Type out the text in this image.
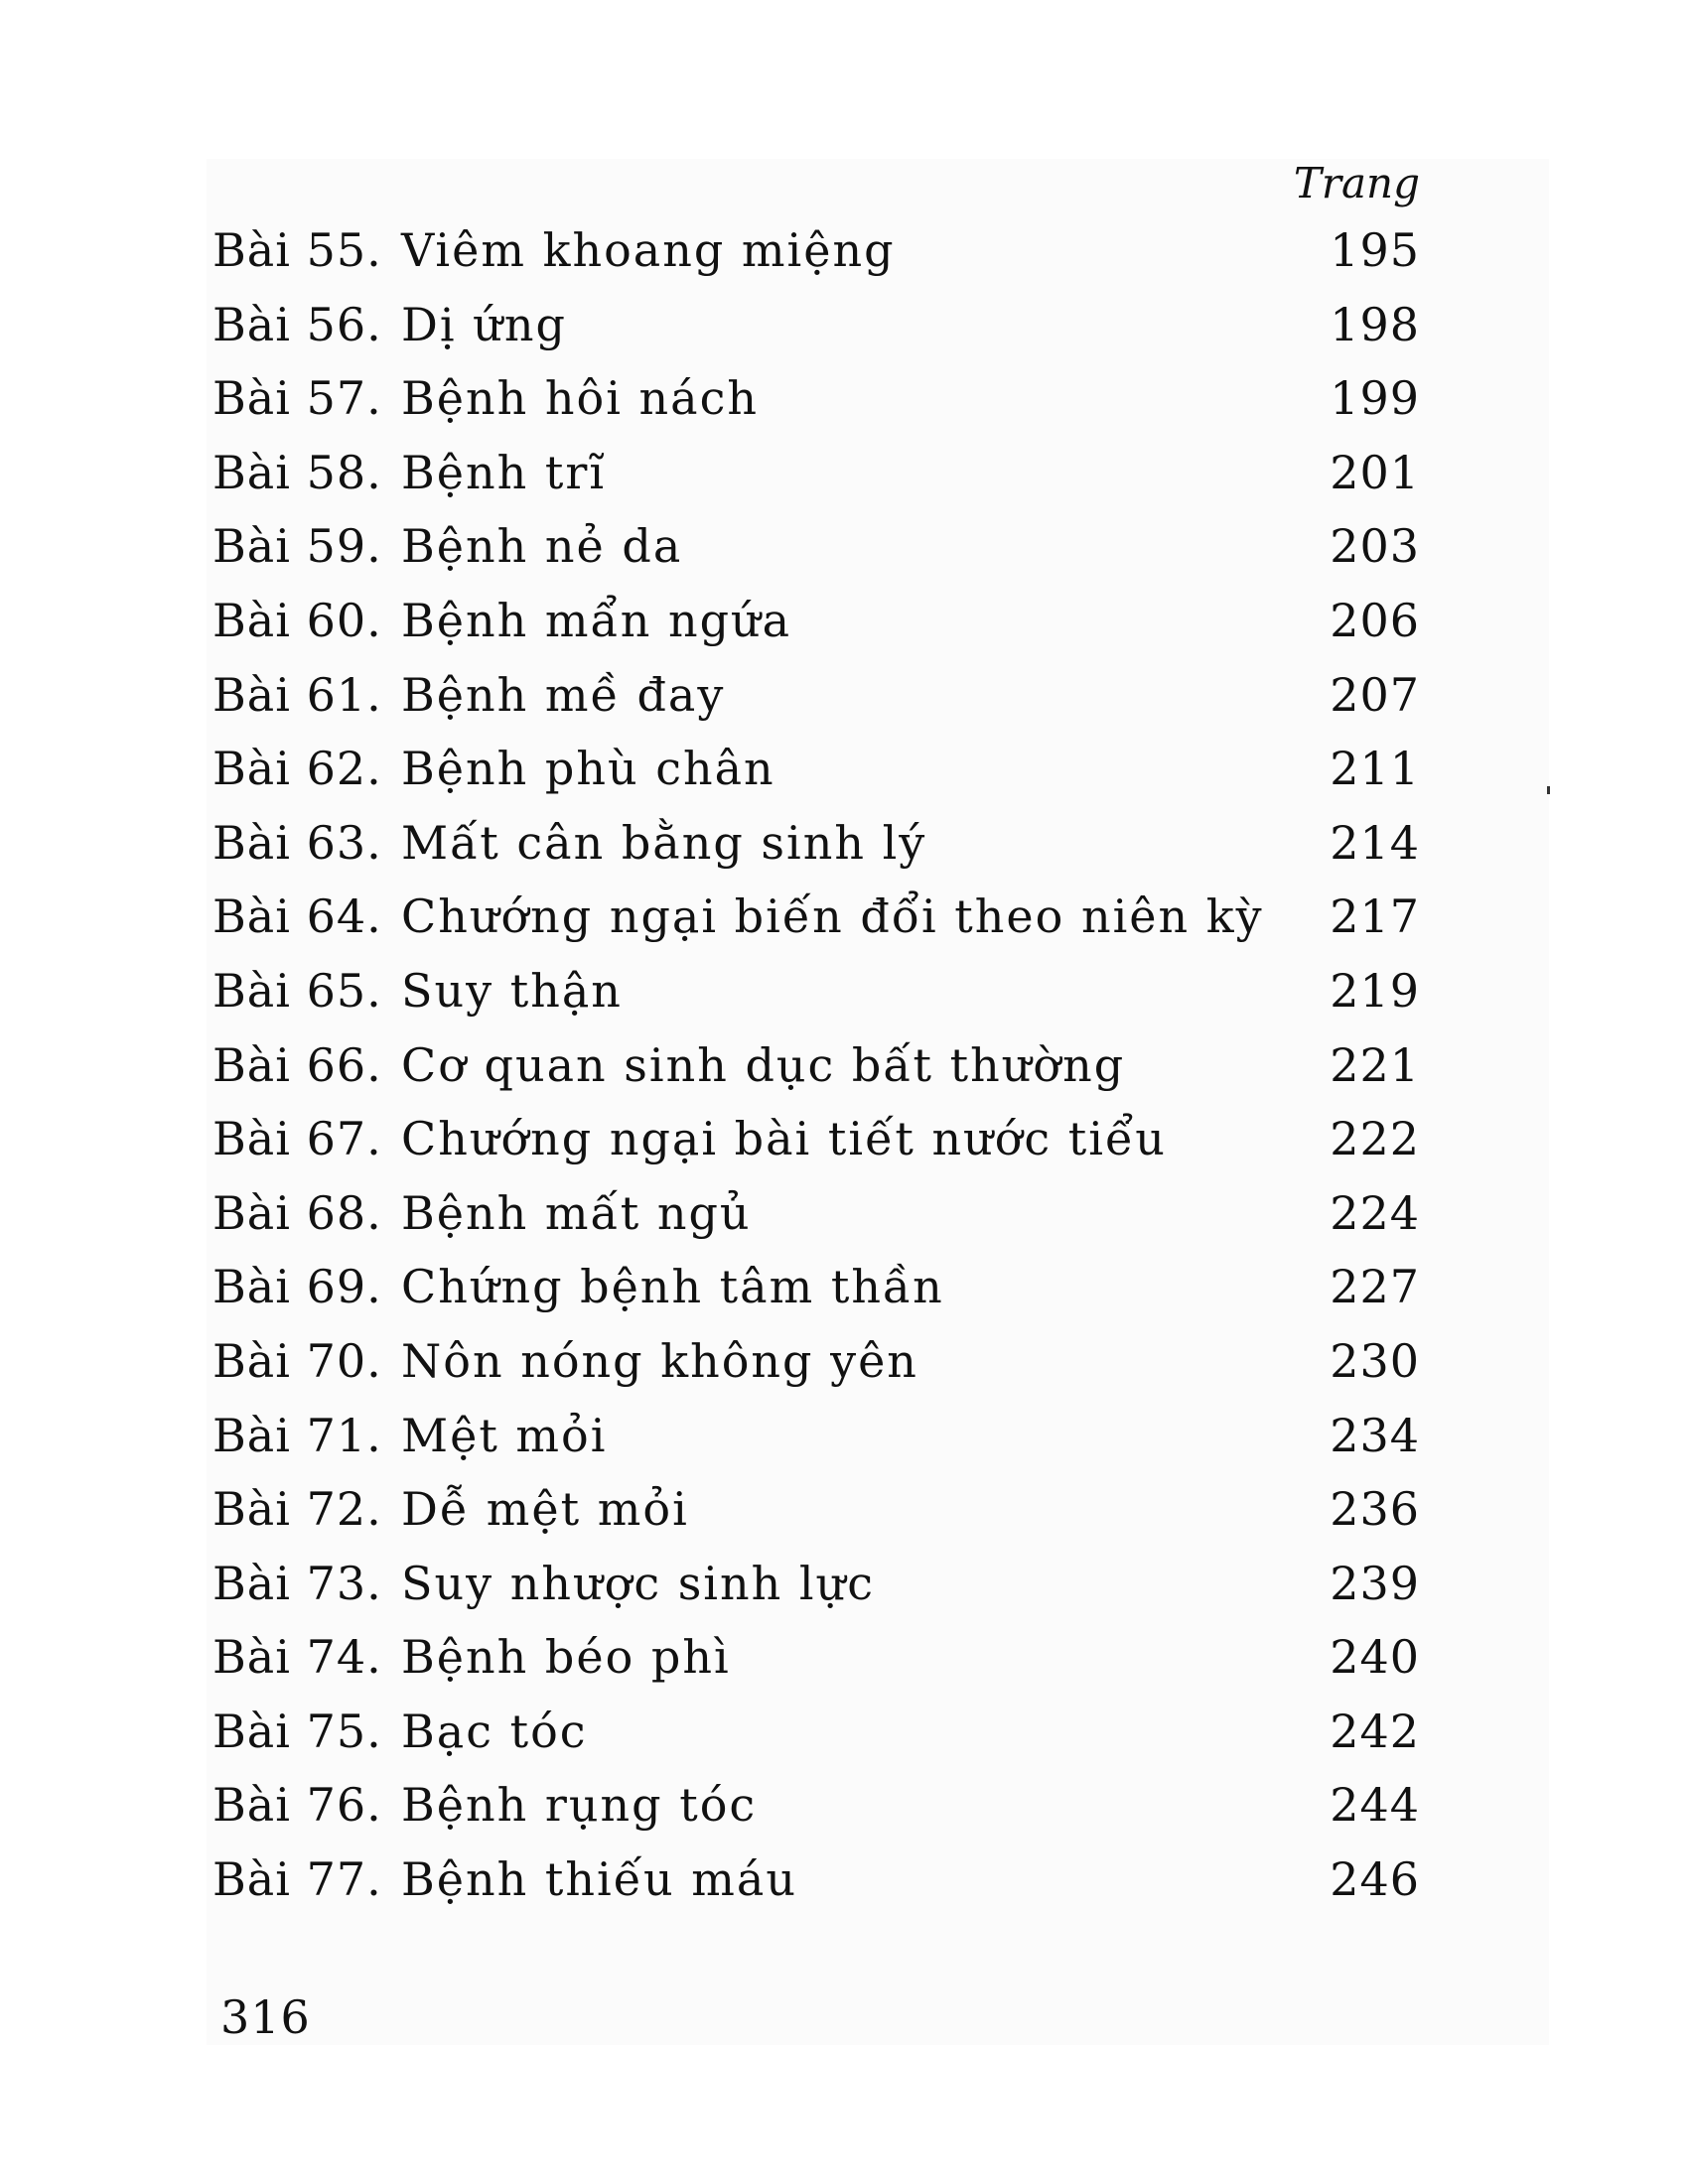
Trang
Bài 55. Viêm khoang miệng	195
Bài 56. Dị ứng	198
Bài 57. Bệnh hôi nách	199
Bài 58. Bệnh trĩ	201
Bài 59. Bệnh nẻ da	203
Bài 60. Bệnh mẩn ngứa	206
Bài 61. Bệnh mề đay	207
Bài 62. Bệnh phù chân	211
Bài 63. Mất cân bằng sinh lý	214
Bài 64. Chướng ngại biến đổi theo niên kỳ	217
Bài 65. Suy thận	219
Bài 66. Cơ quan sinh dục bất thường	221
Bài 67. Chướng ngại bài tiết nước tiểu	222
Bài 68. Bệnh mất ngủ	224
Bài 69. Chứng bệnh tâm thần	227
Bài 70. Nôn nóng không yên	230
Bài 71. Mệt mỏi	234
Bài 72. Dễ mệt mỏi	236
Bài 73. Suy nhược sinh lực	239
Bài 74. Bệnh béo phì	240
Bài 75. Bạc tóc	242
Bài 76. Bệnh rụng tóc	244
Bài 77. Bệnh thiếu máu	246
316
